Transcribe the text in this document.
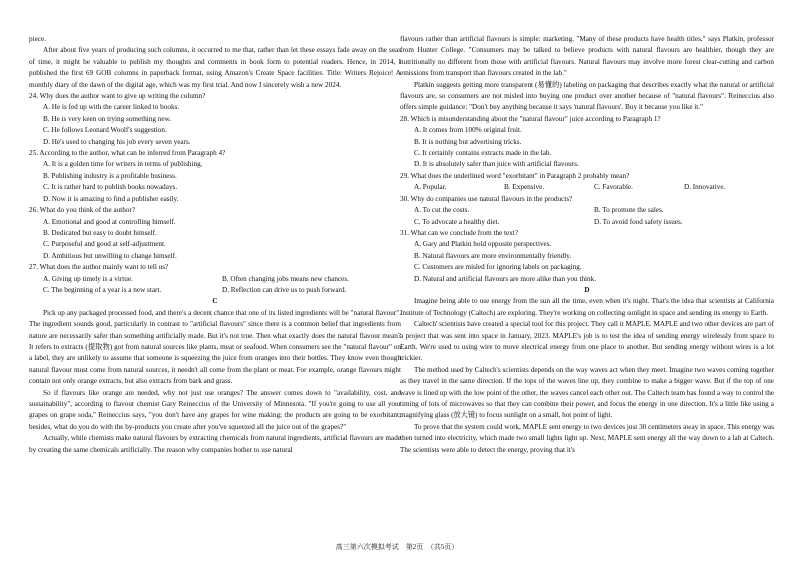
piece.

After about five years of producing such columns, it occurred to me that, rather than let these essays fade away on the seas of time, it might be valuable to publish my thoughts and comments in book form to potential readers. Hence, in 2014, I published the first 69 GOB columns in paperback format, using Amazon's Create Space facilities. Title: Writers Rejoice! A monthly diary of the dawn of the digital age, which was my first trial. And now I sincerely wish a new 2024.

24. Why does the author want to give up writing the column?

A. He is fed up with the career linked to books.

B. He is very keen on trying something new.

C. He follows Leonard Woolf's suggestion.

D. He's used to changing his job every seven years.

25. According to the author, what can be inferred from Paragraph 4?

A. It is a golden time for writers in terms of publishing.

B. Publishing industry is a profitable business.

C. It is rather hard to publish books nowadays.

D. Now it is amazing to find a publisher easily.

26. What do you think of the author?

A. Emotional and good at controlling himself.

B. Dedicated but easy to doubt himself.

C. Purposeful and good at self-adjustment.

D. Ambitious but unwilling to change himself.

27. What does the author mainly want to tell us?

A. Giving up timely is a virtue.	B. Often changing jobs means new chances.
C. The beginning of a year is a new start.	D. Reflection can drive us to push forward.

C

Pick up any packaged processed food, and there's a decent chance that one of its listed ingredients will be "natural flavour". The ingredient sounds good, particularly in contrast to "artificial flavours" since there is a common belief that ingredients from nature are necessarily safer than something artificially made. But it's not true. Then what exactly does the natural flavour mean? It refers to extracts (提取物) got from natural sources like plants, meat or seafood. When consumers see the "natural flavour" on a label, they are unlikely to assume that someone is squeezing the juice from oranges into their bottles. They know even though natural flavour must come from natural sources, it needn't all come from the plant or meat. For example, orange flavours might contain not only orange extracts, but also extracts from bark and grass.

So if flavours like orange are needed, why not just use oranges? The answer comes down to "availability, cost, and sustainability", according to flavour chemist Gary Reineccius of the University of Minnesota. "If you're going to use all your grapes on grape soda," Reineccius says, "you don't have any grapes for wine making; the products are going to be exorbitant; besides, what do you do with the by-products you create after you've squeezed all the juice out of the grapes?"

Actually, while chemists make natural flavours by extracting chemicals from natural ingredients, artificial flavours are made by creating the same chemicals artificially. The reason why companies bother to use natural

flavours rather than artificial flavours is simple: marketing. "Many of these products have health titles," says Platkin, professor from Hunter College. "Consumers may be talked to believe products with natural flavours are healthier, though they are nutritionally no different from those with artificial flavours. Natural flavours may involve more forest clear-cutting and carbon emissions from transport than flavours created in the lab."

Platkin suggests getting more transparent (易懂的) labeling on packaging that describes exactly what the natural or artificial flavours are, so consumers are not misled into buying one product over another because of "natural flavours". Reineccius also offers simple guidance: "Don't buy anything because it says 'natural flavours'. Buy it because you like it."

28. Which is misunderstanding about the "natural flavour" juice according to Paragraph 1?

A. It comes from 100% original fruit.

B. It is nothing but advertising tricks.

C. It certainly contains extracts made in the lab.

D. It is absolutely safer than juice with artificial flavours.

29. What does the underlined word "exorbitant" in Paragraph 2 probably mean?

A. Popular.	B. Expensive.	C. Favorable.	D. Innovative.

30. Why do companies use natural flavours in the products?

A. To cut the costs.	B. To promote the sales.
C. To advocate a healthy diet.	D. To avoid food safety issues.

31. What can we conclude from the text?

A. Gary and Platkin hold opposite perspectives.

B. Natural flavours are more environmentally friendly.

C. Customers are misled for ignoring labels on packaging.

D. Natural and artificial flavours are more alike than you think.

D

Imagine being able to use energy from the sun all the time, even when it's night. That's the idea that scientists at California Institute of Technology (Caltech) are exploring. They're working on collecting sunlight in space and sending its energy to Earth.

Caltech' scientists have created a special tool for this project. They call it MAPLE. MAPLE and two other devices are part of a project that was sent into space in January, 2023. MAPLE's job is to test the idea of sending energy wirelessly from space to Earth. We're used to using wire to move electrical energy from one place to another. But sending energy without wires is a lot trickier.

The method used by Caltech's scientists depends on the way waves act when they meet. Imagine two waves coming together as they travel in the same direction. If the tops of the waves line up, they combine to make a bigger wave. But if the top of one wave is lined up with the low point of the other, the waves cancel each other out. The Caltech team has found a way to control the timing of lots of microwaves so that they can combine their power, and focus the energy in one direction. It's a little like using a magnifying glass (放大镜) to focus sunlight on a small, hot point of light.

To prove that the system could work, MAPLE sent energy to two devices just 30 centimeters away in space. This energy was then turned into electricity, which made two small lights light up. Next, MAPLE sent energy all the way down to a lab at Caltech. The scientists were able to detect the energy, proving that it's

高三第六次模拟考试　第2页　（共5页）
